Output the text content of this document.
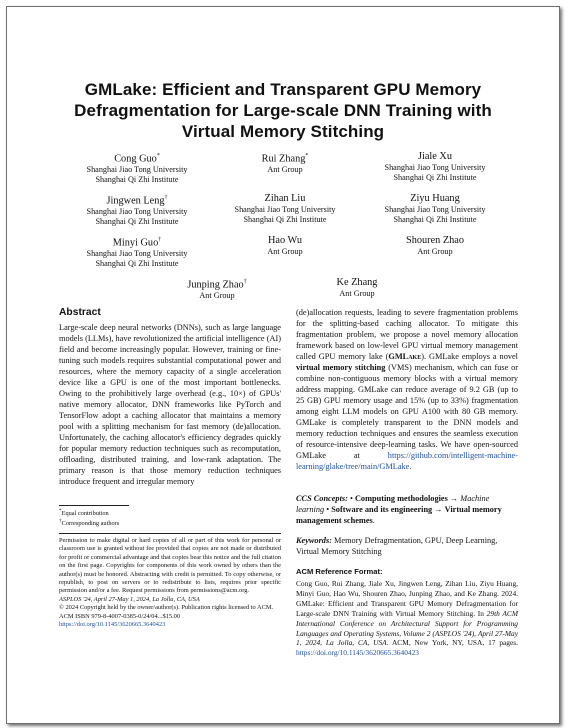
GMLake: Efficient and Transparent GPU Memory Defragmentation for Large-scale DNN Training with Virtual Memory Stitching
Cong Guo*
Shanghai Jiao Tong University
Shanghai Qi Zhi Institute
Rui Zhang*
Ant Group
Jiale Xu
Shanghai Jiao Tong University
Shanghai Qi Zhi Institute
Jingwen Leng†
Shanghai Jiao Tong University
Shanghai Qi Zhi Institute
Zihan Liu
Shanghai Jiao Tong University
Shanghai Qi Zhi Institute
Ziyu Huang
Shanghai Jiao Tong University
Shanghai Qi Zhi Institute
Minyi Guo†
Shanghai Jiao Tong University
Shanghai Qi Zhi Institute
Hao Wu
Ant Group
Shouren Zhao
Ant Group
Junping Zhao†
Ant Group
Ke Zhang
Ant Group
Abstract
Large-scale deep neural networks (DNNs), such as large language models (LLMs), have revolutionized the artificial intelligence (AI) field and become increasingly popular. However, training or fine-tuning such models requires substantial computational power and resources, where the memory capacity of a single acceleration device like a GPU is one of the most important bottlenecks. Owing to the prohibitively large overhead (e.g., 10×) of GPUs' native memory allocator, DNN frameworks like PyTorch and TensorFlow adopt a caching allocator that maintains a memory pool with a splitting mechanism for fast memory (de)allocation. Unfortunately, the caching allocator's efficiency degrades quickly for popular memory reduction techniques such as recomputation, offloading, distributed training, and low-rank adaptation. The primary reason is that those memory reduction techniques introduce frequent and irregular memory
*Equal contribution
†Corresponding authors
Permission to make digital or hard copies of all or part of this work for personal or classroom use is granted without fee provided that copies are not made or distributed for profit or commercial advantage and that copies bear this notice and the full citation on the first page. Copyrights for components of this work owned by others than the author(s) must be honored. Abstracting with credit is permitted. To copy otherwise, or republish, to post on servers or to redistribute to lists, requires prior specific permission and/or a fee. Request permissions from permissions@acm.org.
ASPLOS '24, April 27-May 1, 2024, La Jolla, CA, USA
© 2024 Copyright held by the owner/author(s). Publication rights licensed to ACM.
ACM ISBN 979-8-4007-0385-0/24/04...$15.00
https://doi.org/10.1145/3620665.3640423
(de)allocation requests, leading to severe fragmentation problems for the splitting-based caching allocator. To mitigate this fragmentation problem, we propose a novel memory allocation framework based on low-level GPU virtual memory management called GPU memory lake (GMLake). GMLake employs a novel virtual memory stitching (VMS) mechanism, which can fuse or combine non-contiguous memory blocks with a virtual memory address mapping. GMLake can reduce average of 9.2 GB (up to 25 GB) GPU memory usage and 15% (up to 33%) fragmentation among eight LLM models on GPU A100 with 80 GB memory. GMLake is completely transparent to the DNN models and memory reduction techniques and ensures the seamless execution of resource-intensive deep-learning tasks. We have open-sourced GMLake at https://github.com/intelligent-machine-learning/glake/tree/main/GMLake.
CCS Concepts: • Computing methodologies → Machine learning • Software and its engineering → Virtual memory management schemes.
Keywords: Memory Defragmentation, GPU, Deep Learning, Virtual Memory Stitching
ACM Reference Format:
Cong Guo, Rui Zhang, Jiale Xu, Jingwen Leng, Zihan Liu, Ziyu Huang, Minyi Guo, Hao Wu, Shouren Zhao, Junping Zhao, and Ke Zhang. 2024. GMLake: Efficient and Transparent GPU Memory Defragmentation for Large-scale DNN Training with Virtual Memory Stitching. In 29th ACM International Conference on Architectural Support for Programming Languages and Operating Systems, Volume 2 (ASPLOS '24), April 27-May 1, 2024, La Jolla, CA, USA. ACM, New York, NY, USA, 17 pages. https://doi.org/10.1145/3620665.3640423
